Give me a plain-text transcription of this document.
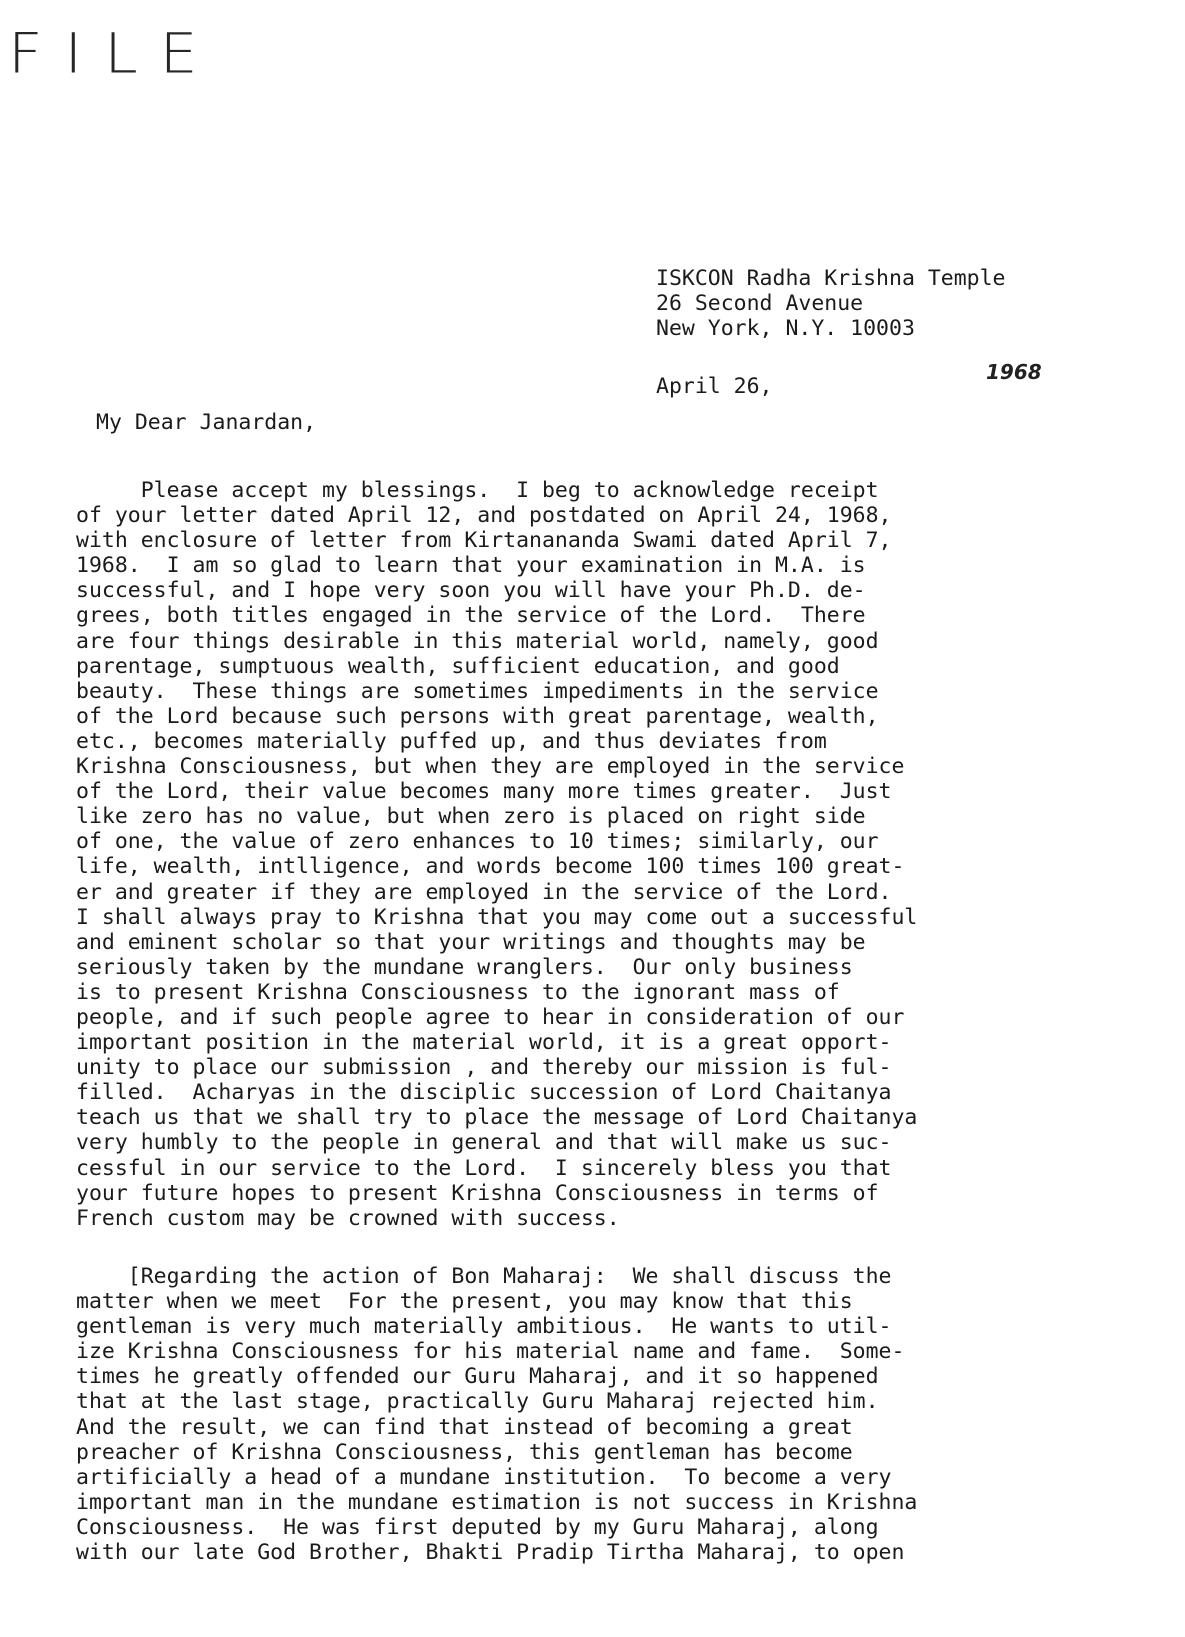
FILE
ISKCON Radha Krishna Temple
26 Second Avenue
New York, N.Y. 10003
April 26,
1968
My Dear Janardan,
Please accept my blessings.  I beg to acknowledge receipt
of your letter dated April 12, and postdated on April 24, 1968,
with enclosure of letter from Kirtanananda Swami dated April 7,
1968.  I am so glad to learn that your examination in M.A. is
successful, and I hope very soon you will have your Ph.D. de-
grees, both titles engaged in the service of the Lord.  There
are four things desirable in this material world, namely, good
parentage, sumptuous wealth, sufficient education, and good
beauty.  These things are sometimes impediments in the service
of the Lord because such persons with great parentage, wealth,
etc., becomes materially puffed up, and thus deviates from
Krishna Consciousness, but when they are employed in the service
of the Lord, their value becomes many more times greater.  Just
like zero has no value, but when zero is placed on right side
of one, the value of zero enhances to 10 times; similarly, our
life, wealth, intlligence, and words become 100 times 100 great-
er and greater if they are employed in the service of the Lord.
I shall always pray to Krishna that you may come out a successful
and eminent scholar so that your writings and thoughts may be
seriously taken by the mundane wranglers.  Our only business
is to present Krishna Consciousness to the ignorant mass of
people, and if such people agree to hear in consideration of our
important position in the material world, it is a great opport-
unity to place our submission , and thereby our mission is ful-
filled.  Acharyas in the disciplic succession of Lord Chaitanya
teach us that we shall try to place the message of Lord Chaitanya
very humbly to the people in general and that will make us suc-
cessful in our service to the Lord.  I sincerely bless you that
your future hopes to present Krishna Consciousness in terms of
French custom may be crowned with success.
[Regarding the action of Bon Maharaj:  We shall discuss the
matter when we meet  For the present, you may know that this
gentleman is very much materially ambitious.  He wants to util-
ize Krishna Consciousness for his material name and fame.  Some-
times he greatly offended our Guru Maharaj, and it so happened
that at the last stage, practically Guru Maharaj rejected him.
And the result, we can find that instead of becoming a great
preacher of Krishna Consciousness, this gentleman has become
artificially a head of a mundane institution.  To become a very
important man in the mundane estimation is not success in Krishna
Consciousness.  He was first deputed by my Guru Maharaj, along
with our late God Brother, Bhakti Pradip Tirtha Maharaj, to open
